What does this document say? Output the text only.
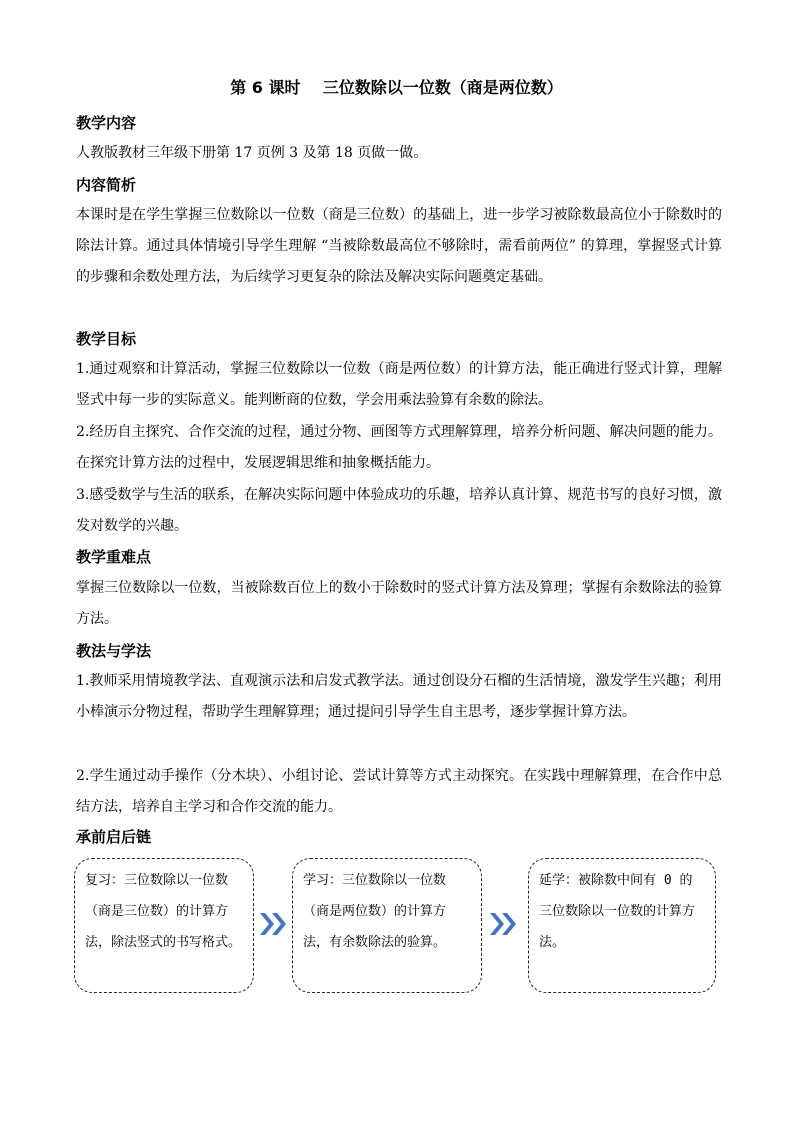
第 6 课时    三位数除以一位数（商是两位数）
教学内容

人教版教材三年级下册第 17 页例 3 及第 18 页做一做。

内容简析

本课时是在学生掌握三位数除以一位数（商是三位数）的基础上，进一步学习被除数最高位小于除数时的除法计算。通过具体情境引导学生理解 “当被除数最高位不够除时，需看前两位” 的算理，掌握竖式计算的步骤和余数处理方法，为后续学习更复杂的除法及解决实际问题奠定基础。

教学目标

1.通过观察和计算活动，掌握三位数除以一位数（商是两位数）的计算方法，能正确进行竖式计算，理解竖式中每一步的实际意义。能判断商的位数，学会用乘法验算有余数的除法。

2.经历自主探究、合作交流的过程，通过分物、画图等方式理解算理，培养分析问题、解决问题的能力。在探究计算方法的过程中，发展逻辑思维和抽象概括能力。

3.感受数学与生活的联系，在解决实际问题中体验成功的乐趣，培养认真计算、规范书写的良好习惯，激发对数学的兴趣。

教学重难点

掌握三位数除以一位数，当被除数百位上的数小于除数时的竖式计算方法及算理；掌握有余数除法的验算方法。

教法与学法

1.教师采用情境教学法、直观演示法和启发式教学法。通过创设分石榴的生活情境，激发学生兴趣；利用小棒演示分物过程，帮助学生理解算理；通过提问引导学生自主思考，逐步掌握计算方法。

2.学生通过动手操作（分木块）、小组讨论、尝试计算等方式主动探究。在实践中理解算理，在合作中总结方法，培养自主学习和合作交流的能力。

承前启后链
复习：三位数除以一位数（商是三位数）的计算方法，除法竖式的书写格式。
学习：三位数除以一位数（商是两位数）的计算方法，有余数除法的验算。
延学：被除数中间有 0 的三位数除以一位数的计算方法。
